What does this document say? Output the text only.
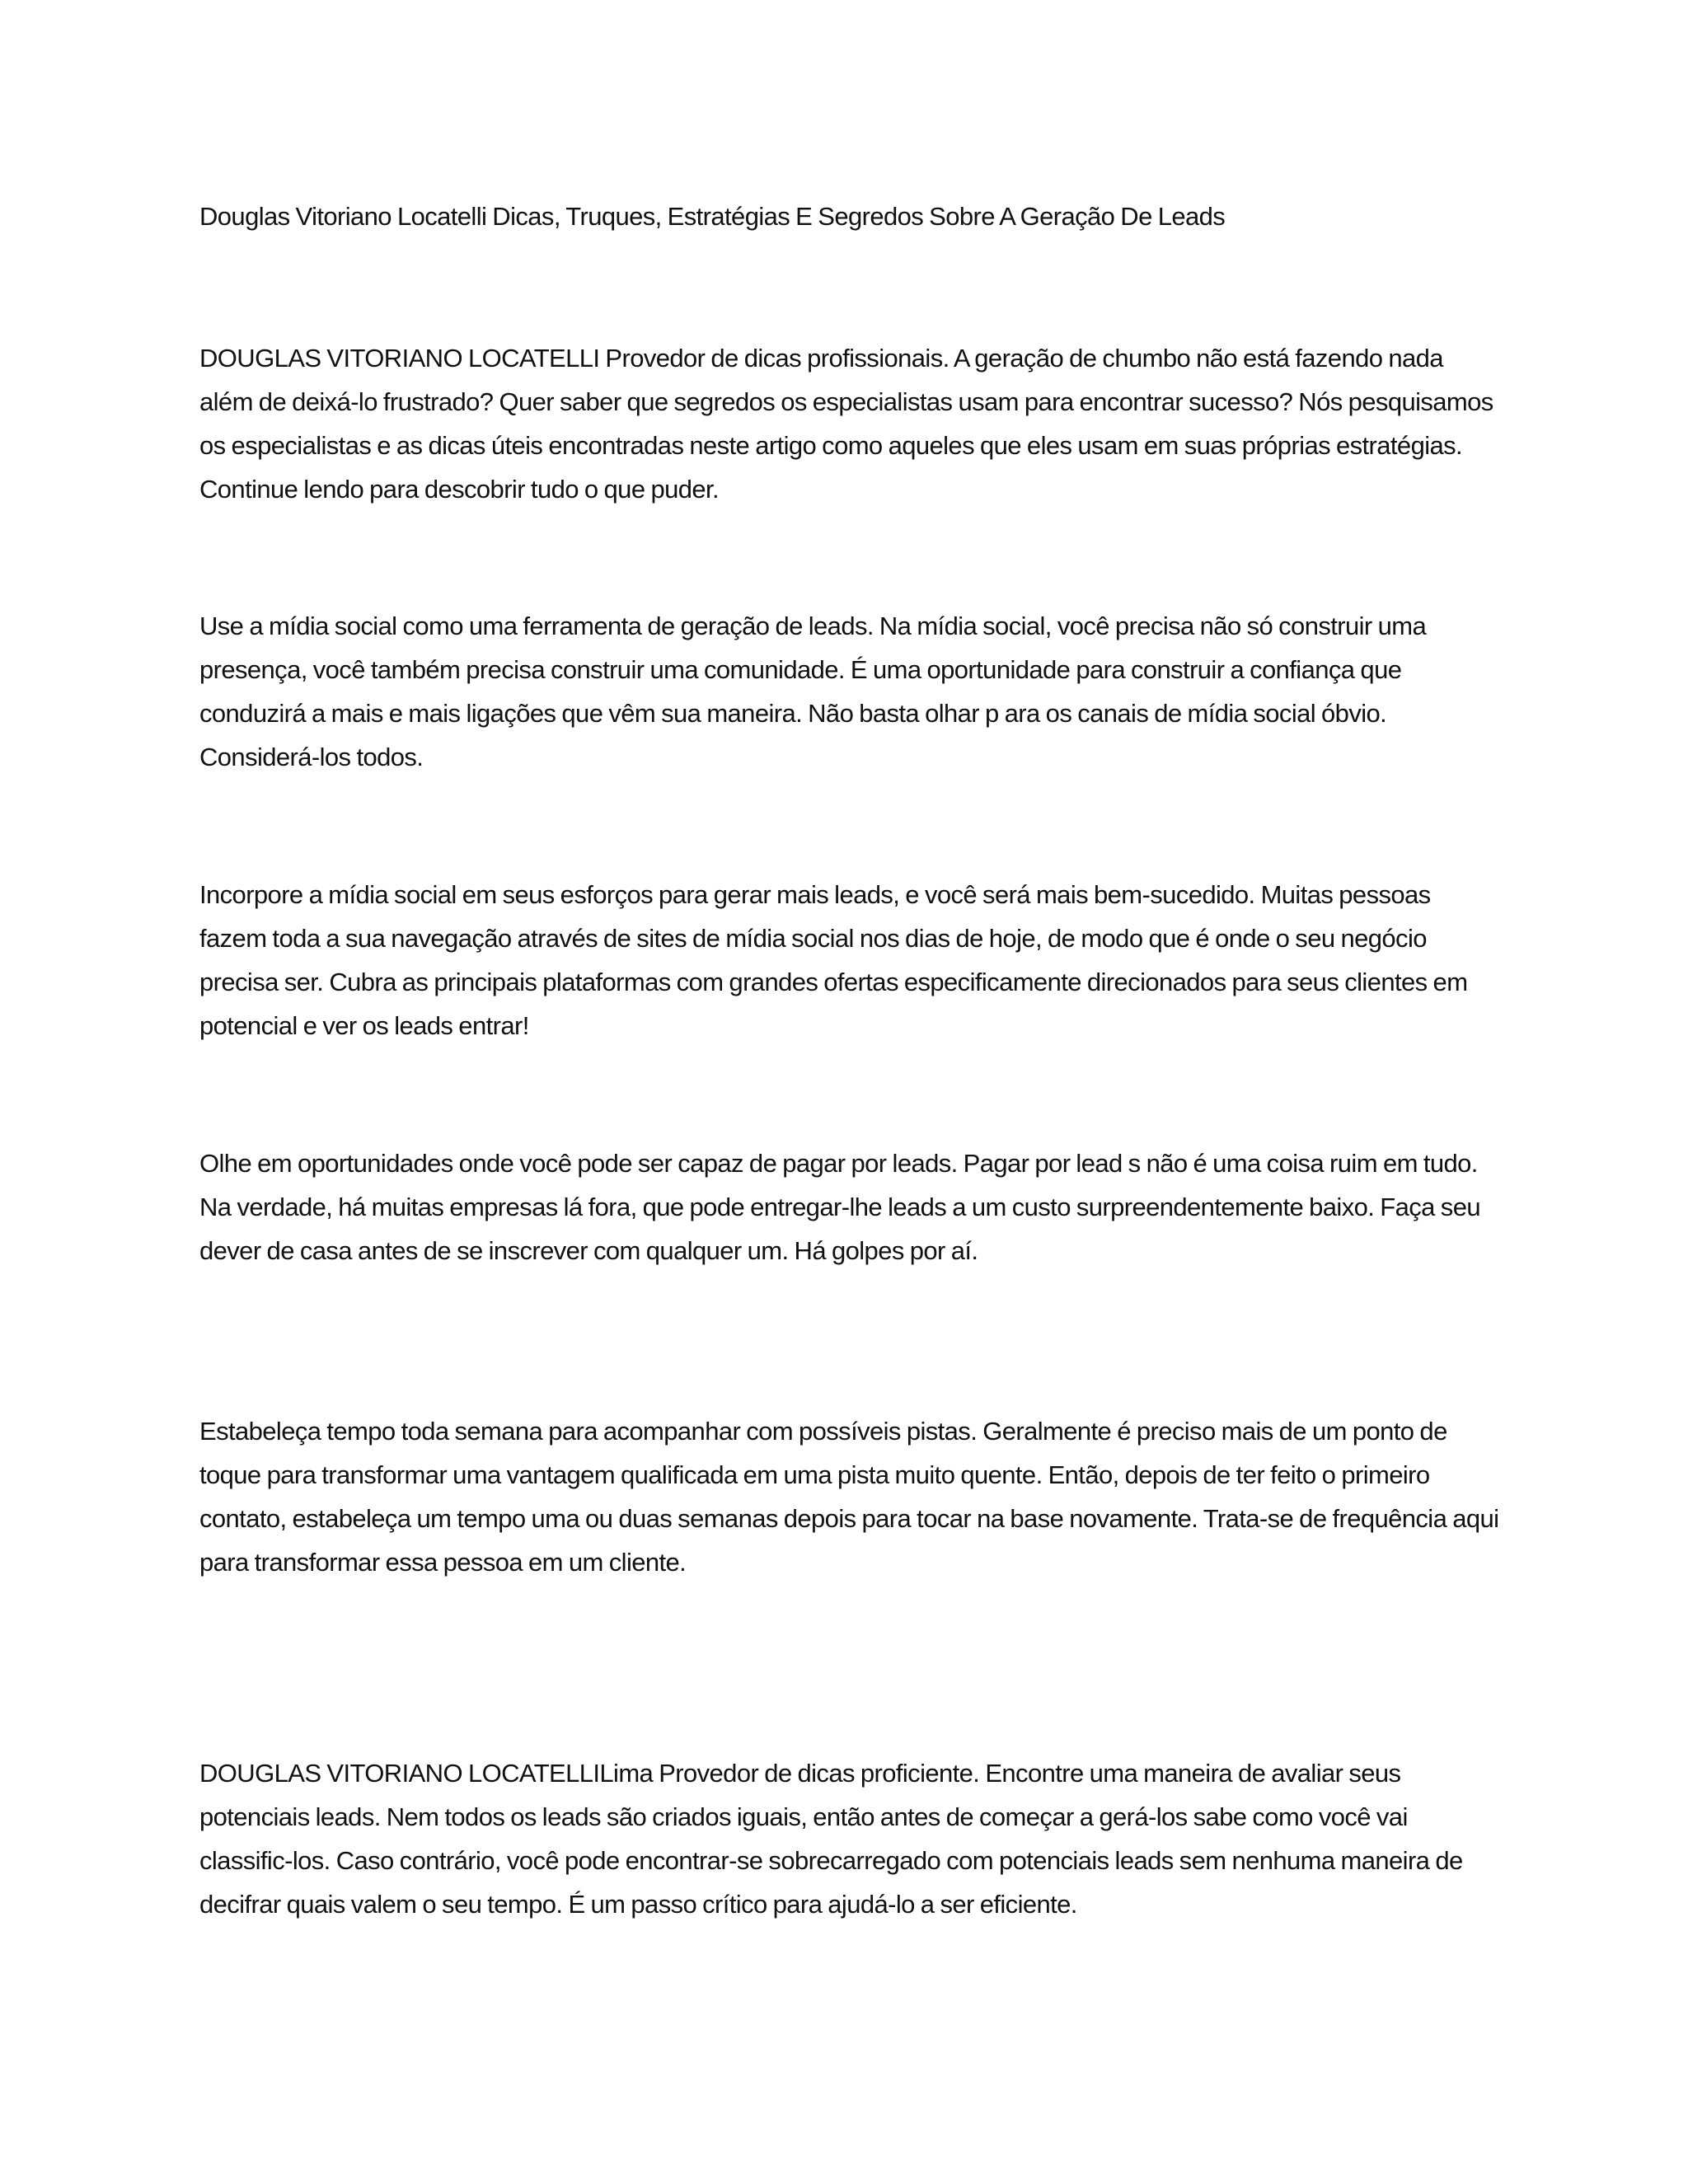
Douglas Vitoriano Locatelli Dicas, Truques, Estratégias E Segredos Sobre A Geração De Leads

DOUGLAS VITORIANO LOCATELLI Provedor de dicas profissionais. A geração de chumbo não está fazendo nada além de deixá-lo frustrado? Quer saber que segredos os especialistas usam para encontrar sucesso? Nós pesquisamos os especialistas e as dicas úteis encontradas neste artigo como aqueles que eles usam em suas próprias estratégias. Continue lendo para descobrir tudo o que puder.

Use a mídia social como uma ferramenta de geração de leads. Na mídia social, você precisa não só construir uma presença, você também precisa construir uma comunidade. É uma oportunidade para construir a confiança que conduzirá a mais e mais ligações que vêm sua maneira. Não basta olhar p ara os canais de mídia social óbvio. Considerá-los todos.

Incorpore a mídia social em seus esforços para gerar mais leads, e você será mais bem-sucedido. Muitas pessoas fazem toda a sua navegação através de sites de mídia social nos dias de hoje, de modo que é onde o seu negócio precisa ser. Cubra as principais plataformas com grandes ofertas especificamente direcionados para seus clientes em potencial e ver os leads entrar!

Olhe em oportunidades onde você pode ser capaz de pagar por leads. Pagar por lead s não é uma coisa ruim em tudo. Na verdade, há muitas empresas lá fora, que pode entregar-lhe leads a um custo surpreendentemente baixo. Faça seu dever de casa antes de se inscrever com qualquer um. Há golpes por aí.

Estabeleça tempo toda semana para acompanhar com possíveis pistas. Geralmente é preciso mais de um ponto de toque para transformar uma vantagem qualificada em uma pista muito quente. Então, depois de ter feito o primeiro contato, estabeleça um tempo uma ou duas semanas depois para tocar na base novamente. Trata-se de frequência aqui para transformar essa pessoa em um cliente.

DOUGLAS VITORIANO LOCATELLILima Provedor de dicas proficiente. Encontre uma maneira de avaliar seus potenciais leads. Nem todos os leads são criados iguais, então antes de começar a gerá-los sabe como você vai classific-los. Caso contrário, você pode encontrar-se sobrecarregado com potenciais leads sem nenhuma maneira de decifrar quais valem o seu tempo. É um passo crítico para ajudá-lo a ser eficiente.
